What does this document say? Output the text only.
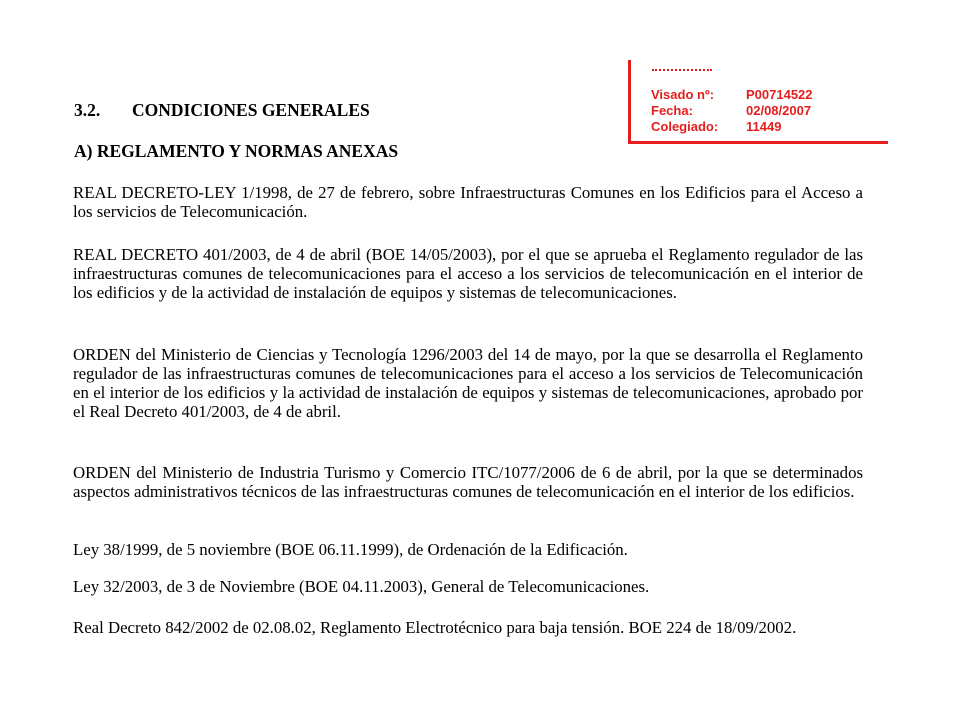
Visado nº: P00714522
Fecha:	02/08/2007
Colegiado: 11449
3.2. CONDICIONES GENERALES
A) REGLAMENTO Y NORMAS ANEXAS

REAL DECRETO-LEY 1/1998, de 27 de febrero, sobre Infraestructuras Comunes en los Edificios para el Acceso a los servicios de Telecomunicación.

REAL DECRETO 401/2003, de 4 de abril (BOE 14/05/2003), por el que se aprueba el Reglamento regulador de las infraestructuras comunes de telecomunicaciones para el acceso a los servicios de telecomunicación en el interior de los edificios y de la actividad de instalación de equipos y sistemas de telecomunicaciones.

ORDEN del Ministerio de Ciencias y Tecnología 1296/2003 del 14 de mayo, por la que se desarrolla el Reglamento regulador de las infraestructuras comunes de telecomunicaciones para el acceso a los servicios de Telecomunicación en el interior de los edificios y la actividad de instalación de equipos y sistemas de telecomunicaciones, aprobado por el Real Decreto 401/2003, de 4 de abril.

ORDEN del Ministerio de Industria Turismo y Comercio ITC/1077/2006 de 6 de abril, por la que se determinados aspectos administrativos técnicos de las infraestructuras comunes de telecomunicación en el interior de los edificios.

Ley 38/1999, de 5 noviembre (BOE 06.11.1999), de Ordenación de la Edificación.

Ley 32/2003, de 3 de Noviembre (BOE 04.11.2003), General de Telecomunicaciones.

Real Decreto 842/2002 de 02.08.02, Reglamento Electrotécnico para baja tensión. BOE 224 de 18/09/2002.
